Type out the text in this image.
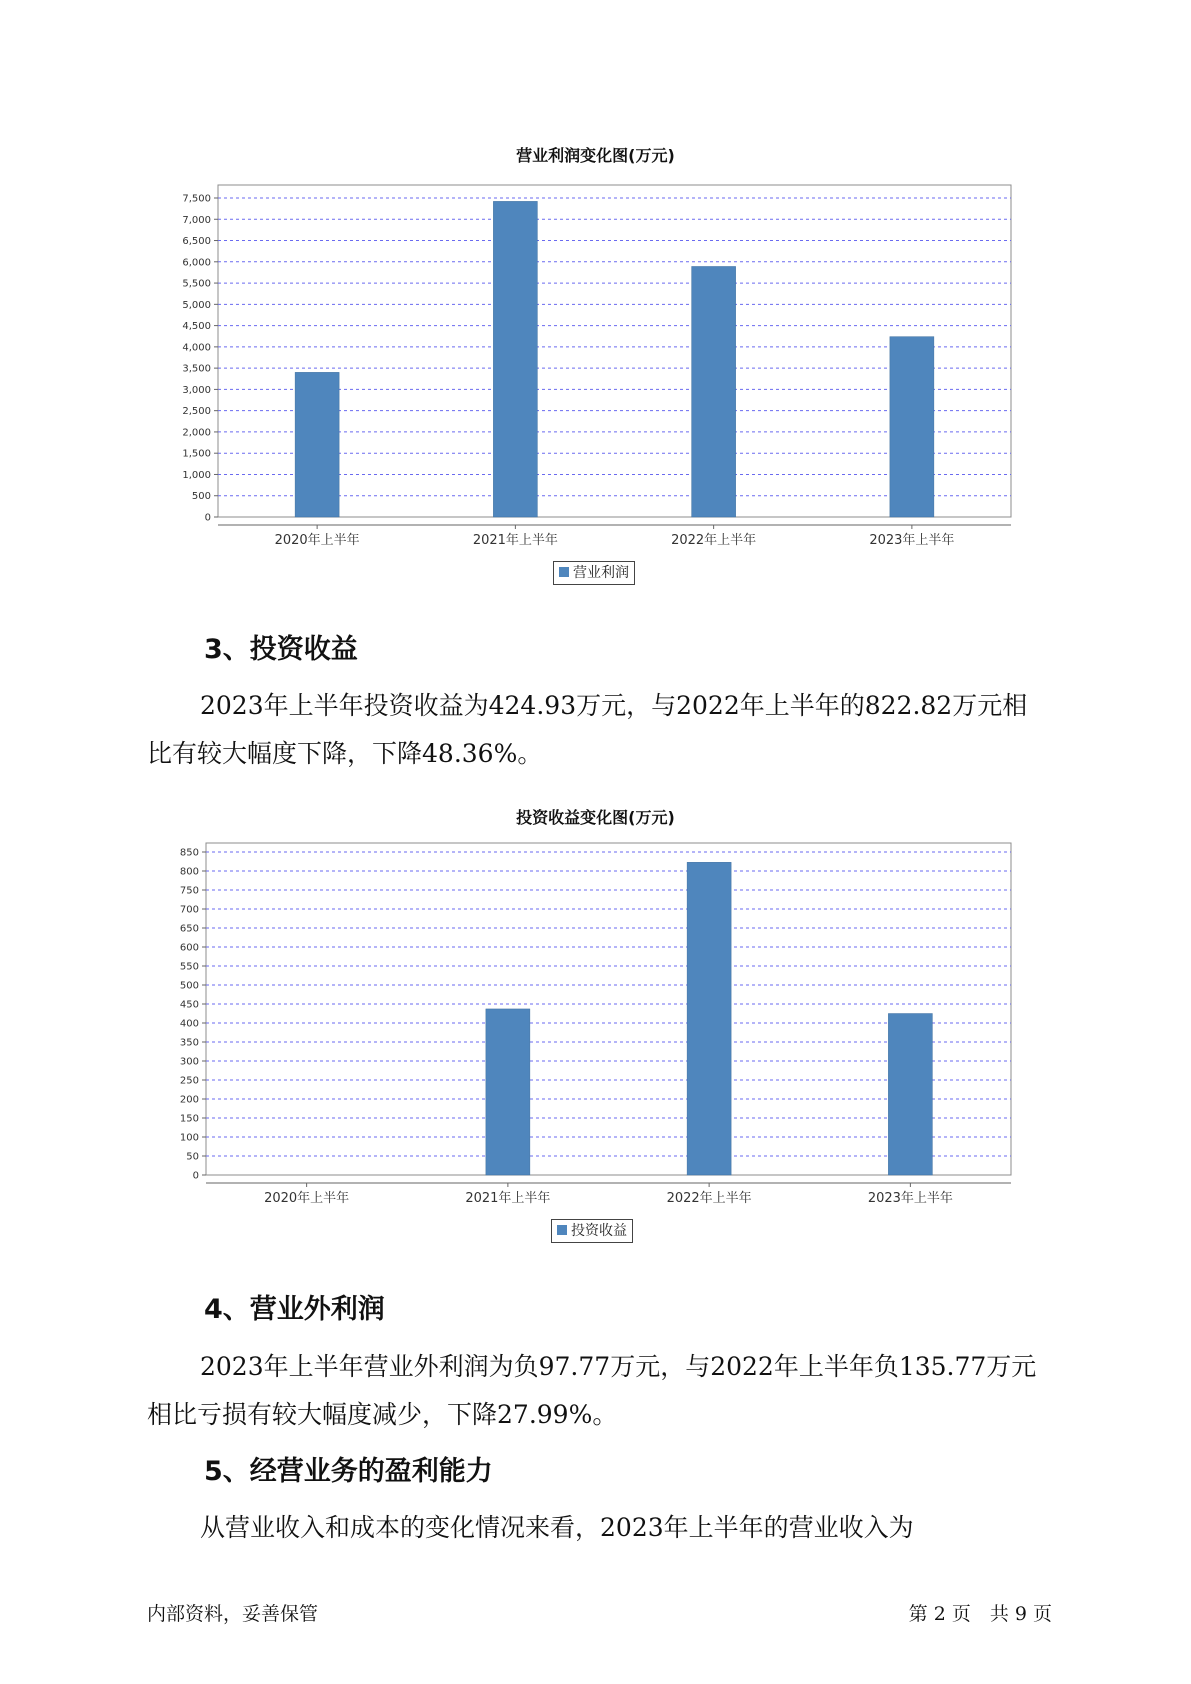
营业利润变化图(万元)
0
500
1,000
1,500
2,000
2,500
3,000
3,500
4,000
4,500
5,000
5,500
6,000
6,500
7,000
7,500
2020年上半年	2021年上半年	2022年上半年	2023年上半年
营业利润
3、投资收益

2023年上半年投资收益为424.93万元，与2022年上半年的822.82万元相比有较大幅度下降，下降48.36%。

投资收益变化图(万元)
0
50
100
150
200
250
300
350
400
450
500
550
600
650
700
750
800
850
2020年上半年	2021年上半年	2022年上半年	2023年上半年
投资收益
4、营业外利润

2023年上半年营业外利润为负97.77万元，与2022年上半年负135.77万元相比亏损有较大幅度减少，下降27.99%。

5、经营业务的盈利能力

从营业收入和成本的变化情况来看，2023年上半年的营业收入为

内部资料，妥善保管	第 2 页　共 9 页
